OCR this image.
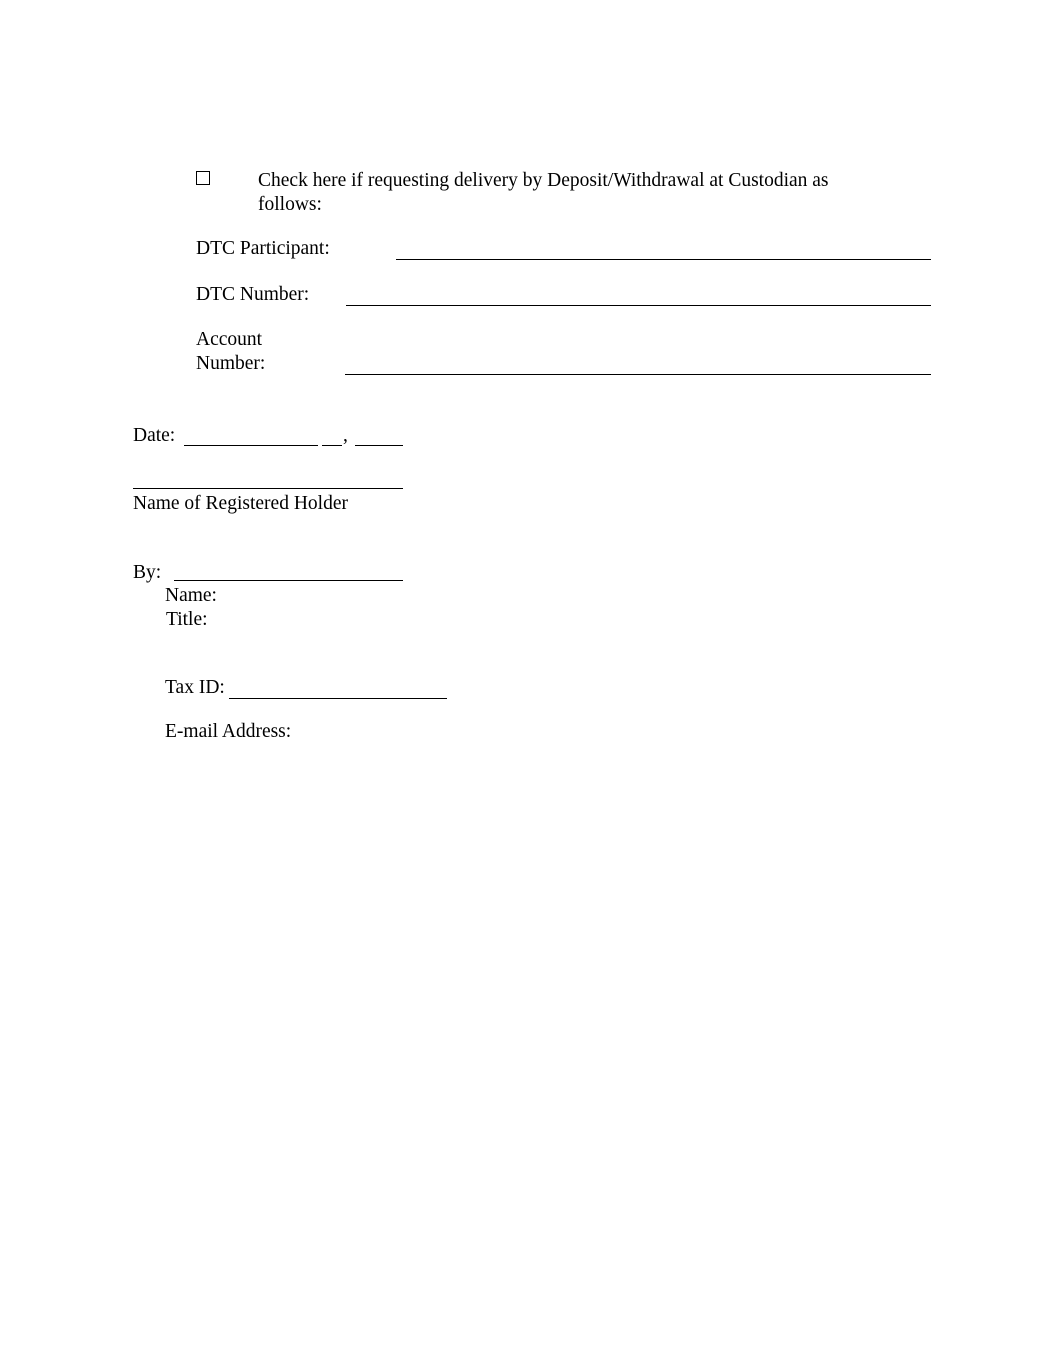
Check here if requesting delivery by Deposit/Withdrawal at Custodian as
follows:
DTC Participant:
DTC Number:
Account
Number:
Date:	,
Name of Registered Holder
By:
Name:
Title:
Tax ID:
E-mail Address:
